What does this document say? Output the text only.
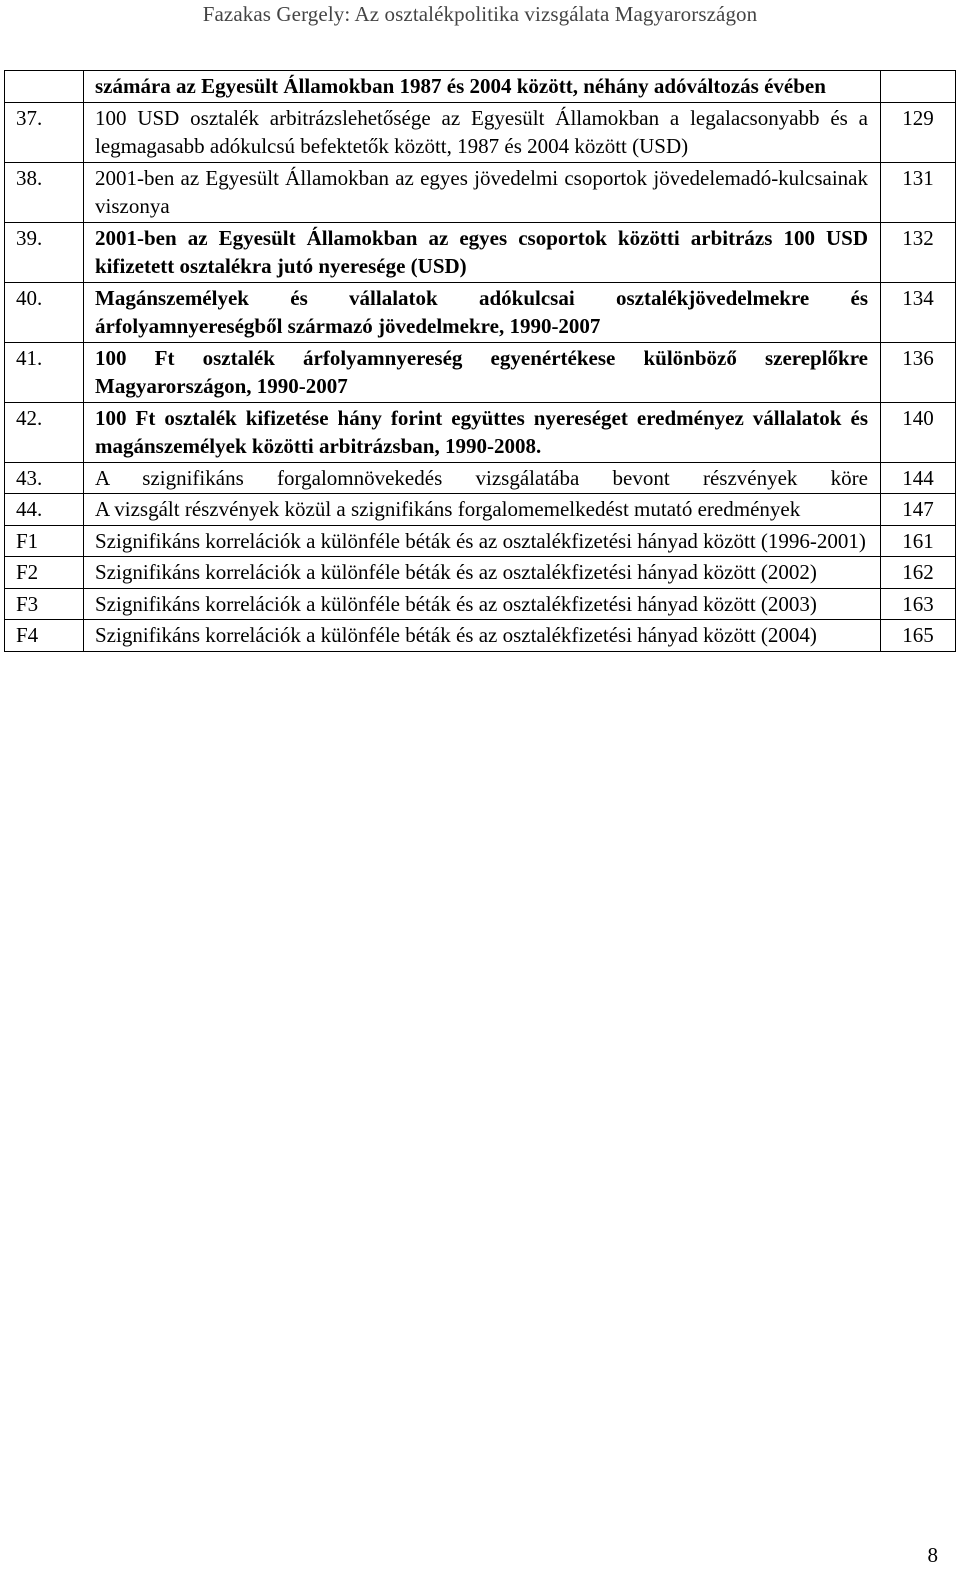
Fazakas Gergely: Az osztalékpolitika vizsgálata Magyarországon
	számára az Egyesült Államokban 1987 és 2004 között, néhány adóváltozás évében	
37.	100 USD osztalék arbitrázslehetősége az Egyesült Államokban a legalacsonyabb és a legmagasabb adókulcsú befektetők között, 1987 és 2004 között (USD)	129
38.	2001-ben az Egyesült Államokban az egyes jövedelmi csoportok jövedelemadó-kulcsainak viszonya	131
39.	2001-ben az Egyesült Államokban az egyes csoportok közötti arbitrázs 100 USD kifizetett osztalékra jutó nyeresége (USD)	132
40.	Magánszemélyek és vállalatok adókulcsai osztalékjövedelmekre és árfolyamnyereségből származó jövedelmekre, 1990-2007	134
41.	100 Ft osztalék árfolyamnyereség egyenértékese különböző szereplőkre Magyarországon, 1990-2007	136
42.	100 Ft osztalék kifizetése hány forint együttes nyereséget eredményez vállalatok és magánszemélyek közötti arbitrázsban, 1990-2008.	140
43.	A szignifikáns forgalomnövekedés vizsgálatába bevont részvények köre	144
44.	A vizsgált részvények közül a szignifikáns forgalomemelkedést mutató eredmények	147
F1	Szignifikáns korrelációk a különféle béták és az osztalékfizetési hányad között (1996-2001)	161
F2	Szignifikáns korrelációk a különféle béták és az osztalékfizetési hányad között (2002)	162
F3	Szignifikáns korrelációk a különféle béták és az osztalékfizetési hányad között (2003)	163
F4	Szignifikáns korrelációk a különféle béták és az osztalékfizetési hányad között (2004)	165
8
